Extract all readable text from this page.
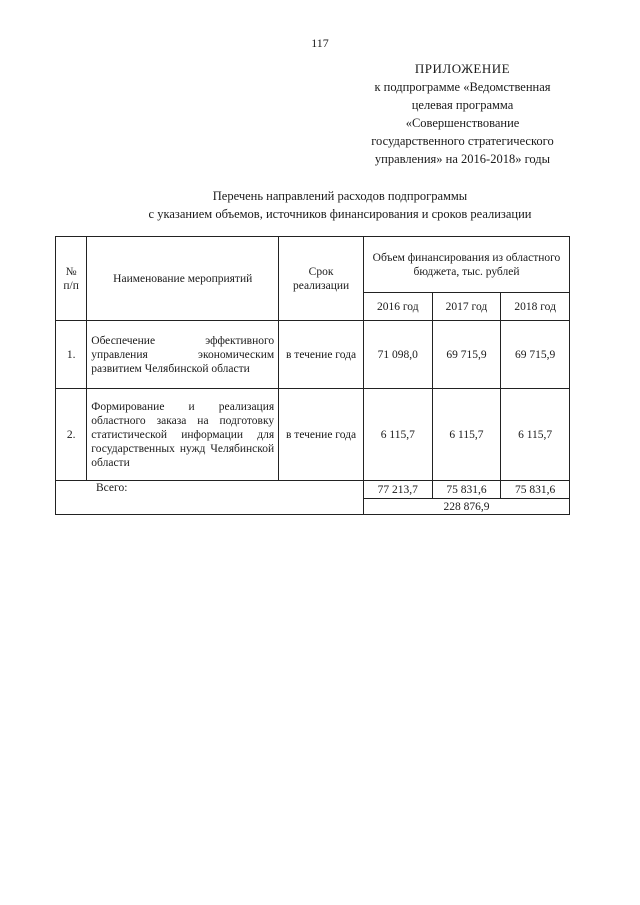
117
ПРИЛОЖЕНИЕ
к подпрограмме «Ведомственная
целевая программа
«Совершенствование
государственного стратегического
управления» на 2016-2018» годы
Перечень направлений расходов подпрограммы
с указанием объемов, источников финансирования и сроков реализации
№ п/п	Наименование мероприятий	Срок реализации	Объем финансирования из областного бюджета, тыс. рублей		
			2016 год	2017 год	2018 год
1.	Обеспечение эффективного управления экономическим развитием Челябинской области	в течение года	71 098,0	69 715,9	69 715,9
2.	Формирование и реализация областного заказа на подготовку статистической информации для государственных нужд Челябинской области	в течение года	6 115,7	6 115,7	6 115,7
Всего:			77 213,7	75 831,6	75 831,6
			228 876,9		
